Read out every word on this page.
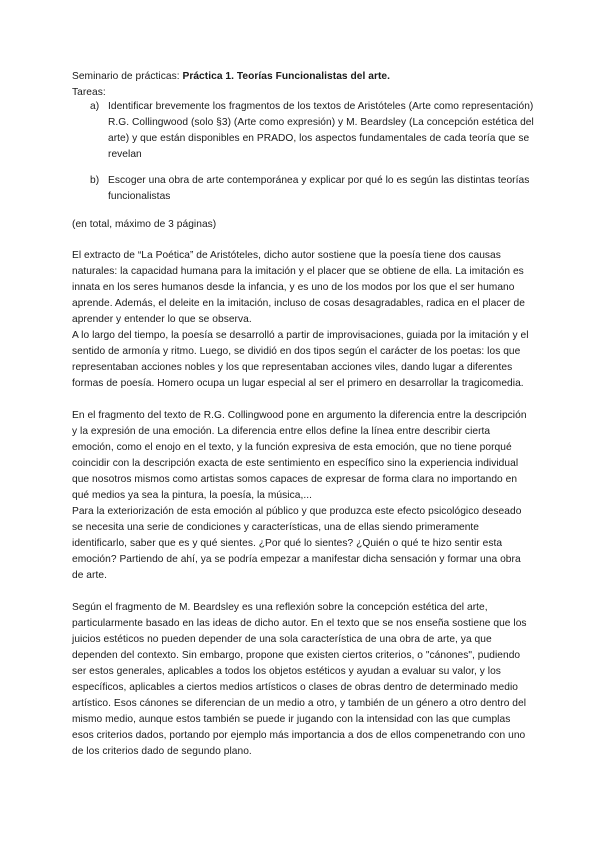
Seminario de prácticas: Práctica 1. Teorías Funcionalistas del arte.
Tareas:
a) Identificar brevemente los fragmentos de los textos de Aristóteles (Arte como representación) R.G. Collingwood (solo §3) (Arte como expresión) y M. Beardsley (La concepción estética del arte) y que están disponibles en PRADO, los aspectos fundamentales de cada teoría que se revelan
b) Escoger una obra de arte contemporánea y explicar por qué lo es según las distintas teorías funcionalistas
(en total, máximo de 3 páginas)
El extracto de “La Poética” de Aristóteles, dicho autor sostiene que la poesía tiene dos causas naturales: la capacidad humana para la imitación y el placer que se obtiene de ella. La imitación es innata en los seres humanos desde la infancia, y es uno de los modos por los que el ser humano aprende. Además, el deleite en la imitación, incluso de cosas desagradables, radica en el placer de aprender y entender lo que se observa.
A lo largo del tiempo, la poesía se desarrolló a partir de improvisaciones, guiada por la imitación y el sentido de armonía y ritmo. Luego, se dividió en dos tipos según el carácter de los poetas: los que representaban acciones nobles y los que representaban acciones viles, dando lugar a diferentes formas de poesía. Homero ocupa un lugar especial al ser el primero en desarrollar la tragicomedia.
En el fragmento del texto de R.G. Collingwood pone en argumento la diferencia entre la descripción y la expresión de una emoción. La diferencia entre ellos define la línea entre describir cierta emoción, como el enojo en el texto, y la función expresiva de esta emoción, que no tiene porqué coincidir con la descripción exacta de este sentimiento en específico sino la experiencia individual que nosotros mismos como artistas somos capaces de expresar de forma clara no importando en qué medios ya sea la pintura, la poesía, la música,...
Para la exteriorización de esta emoción al público y que produzca este efecto psicológico deseado se necesita una serie de condiciones y características, una de ellas siendo primeramente identificarlo, saber que es y qué sientes. ¿Por qué lo sientes? ¿Quién o qué te hizo sentir esta emoción? Partiendo de ahí, ya se podría empezar a manifestar dicha sensación y formar una obra de arte.
Según el fragmento de M. Beardsley es una reflexión sobre la concepción estética del arte, particularmente basado en las ideas de dicho autor. En el texto que se nos enseña sostiene que los juicios estéticos no pueden depender de una sola característica de una obra de arte, ya que dependen del contexto. Sin embargo, propone que existen ciertos criterios, o "cánones", pudiendo ser estos generales, aplicables a todos los objetos estéticos y ayudan a evaluar su valor, y los específicos, aplicables a ciertos medios artísticos o clases de obras dentro de determinado medio artístico. Esos cánones se diferencian de un medio a otro, y también de un género a otro dentro del mismo medio, aunque estos también se puede ir jugando con la intensidad con las que cumplas esos criterios dados, portando por ejemplo más importancia a dos de ellos compenetrando con uno de los criterios dado de segundo plano.
